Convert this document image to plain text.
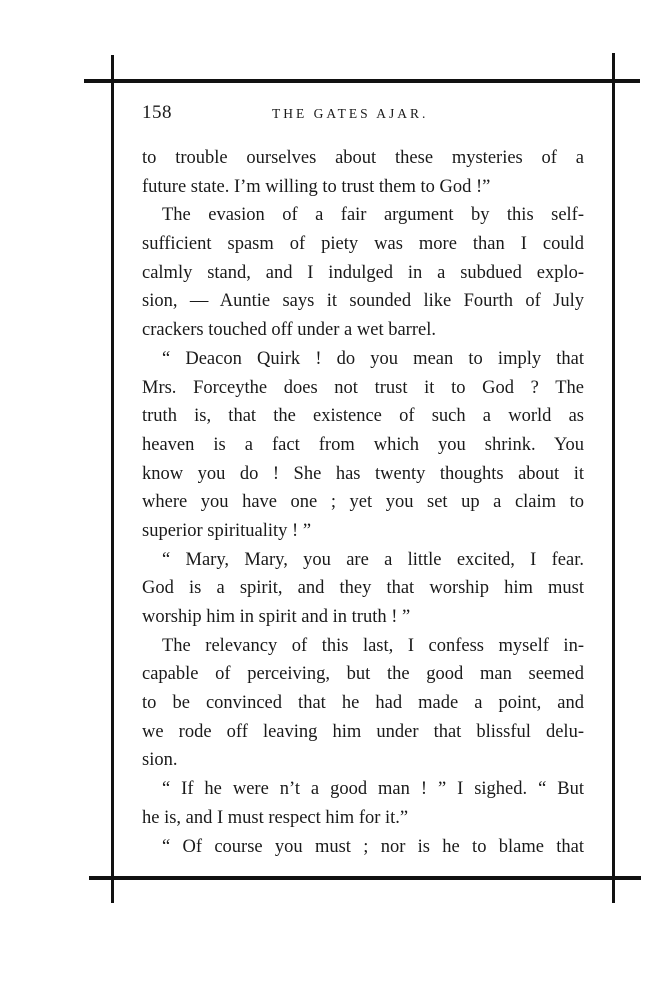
158	THE GATES AJAR.
to trouble ourselves about these mysteries of a
future state. I’m willing to trust them to God !”
The evasion of a fair argument by this self-
sufficient spasm of piety was more than I could
calmly stand, and I indulged in a subdued explo-
sion, — Auntie says it sounded like Fourth of July
crackers touched off under a wet barrel.
“ Deacon Quirk ! do you mean to imply that
Mrs. Forceythe does not trust it to God ? The
truth is, that the existence of such a world as
heaven is a fact from which you shrink. You
know you do ! She has twenty thoughts about it
where you have one ; yet you set up a claim to
superior spirituality ! ”
“ Mary, Mary, you are a little excited, I fear.
God is a spirit, and they that worship him must
worship him in spirit and in truth ! ”
The relevancy of this last, I confess myself in-
capable of perceiving, but the good man seemed
to be convinced that he had made a point, and
we rode off leaving him under that blissful delu-
sion.
“ If he were n’t a good man ! ” I sighed. “ But
he is, and I must respect him for it.”
“ Of course you must ; nor is he to blame that
